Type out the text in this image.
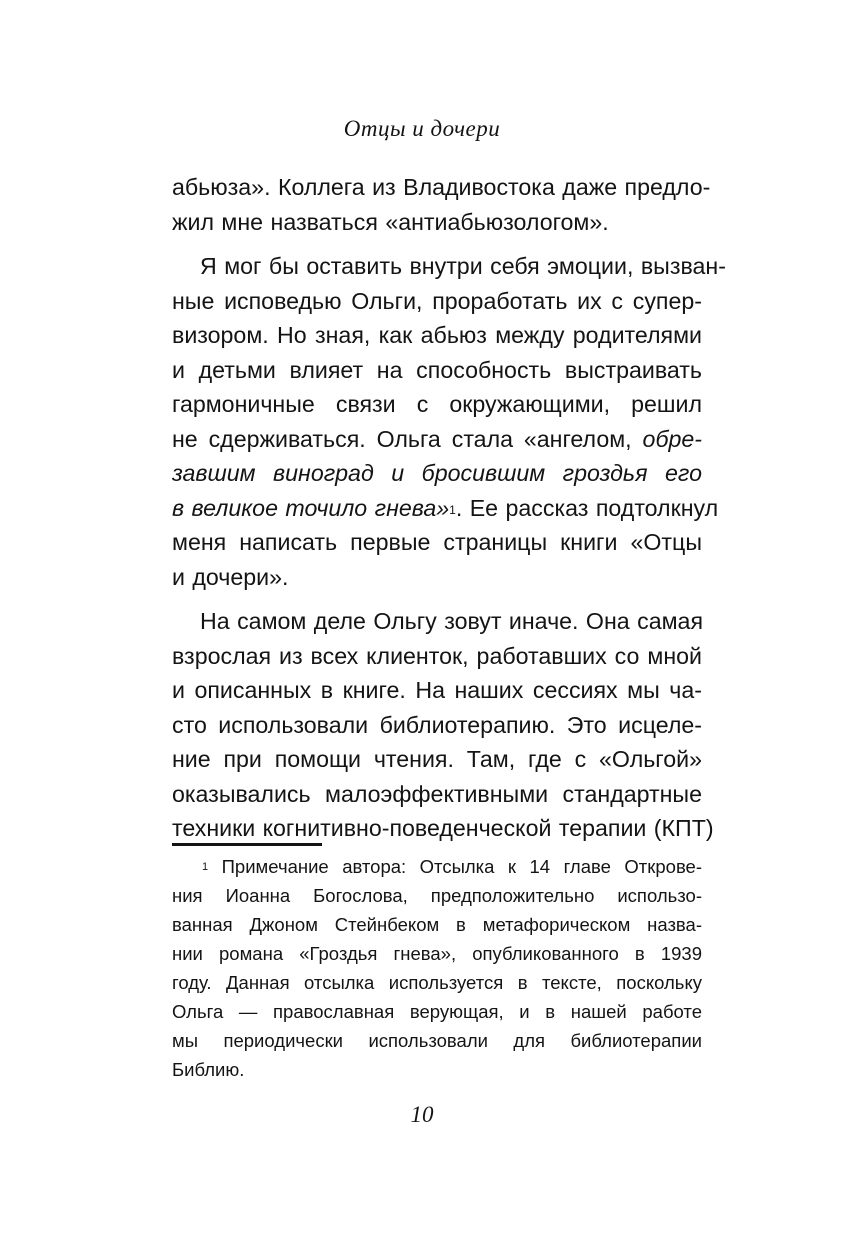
Отцы и дочери
абьюза». Коллега из Владивостока даже предло-
жил мне назваться «антиабьюзологом».
Я мог бы оставить внутри себя эмоции, вызван-
ные исповедью Ольги, проработать их с супер-
визором. Но зная, как абьюз между родителями
и детьми влияет на способность выстраивать
гармоничные связи с окружающими, решил
не сдерживаться. Ольга стала «ангелом, обре-
завшим виноград и бросившим гроздья его
в великое точило гнева»$^1$. Ее рассказ подтолкнул
меня написать первые страницы книги «Отцы
и дочери».
На самом деле Ольгу зовут иначе. Она самая
взрослая из всех клиенток, работавших со мной
и описанных в книге. На наших сессиях мы ча-
сто использовали библиотерапию. Это исцеле-
ние при помощи чтения. Там, где с «Ольгой»
оказывались малоэффективными стандартные
техники когнитивно-поведенческой терапии (КПТ)
$^1$ Примечание автора: Отсылка к 14 главе Открове-
ния Иоанна Богослова, предположительно использо-
ванная Джоном Стейнбеком в метафорическом назва-
нии романа «Гроздья гнева», опубликованного в 1939
году. Данная отсылка используется в тексте, поскольку
Ольга — православная верующая, и в нашей работе
мы периодически использовали для библиотерапии
Библию.
10
